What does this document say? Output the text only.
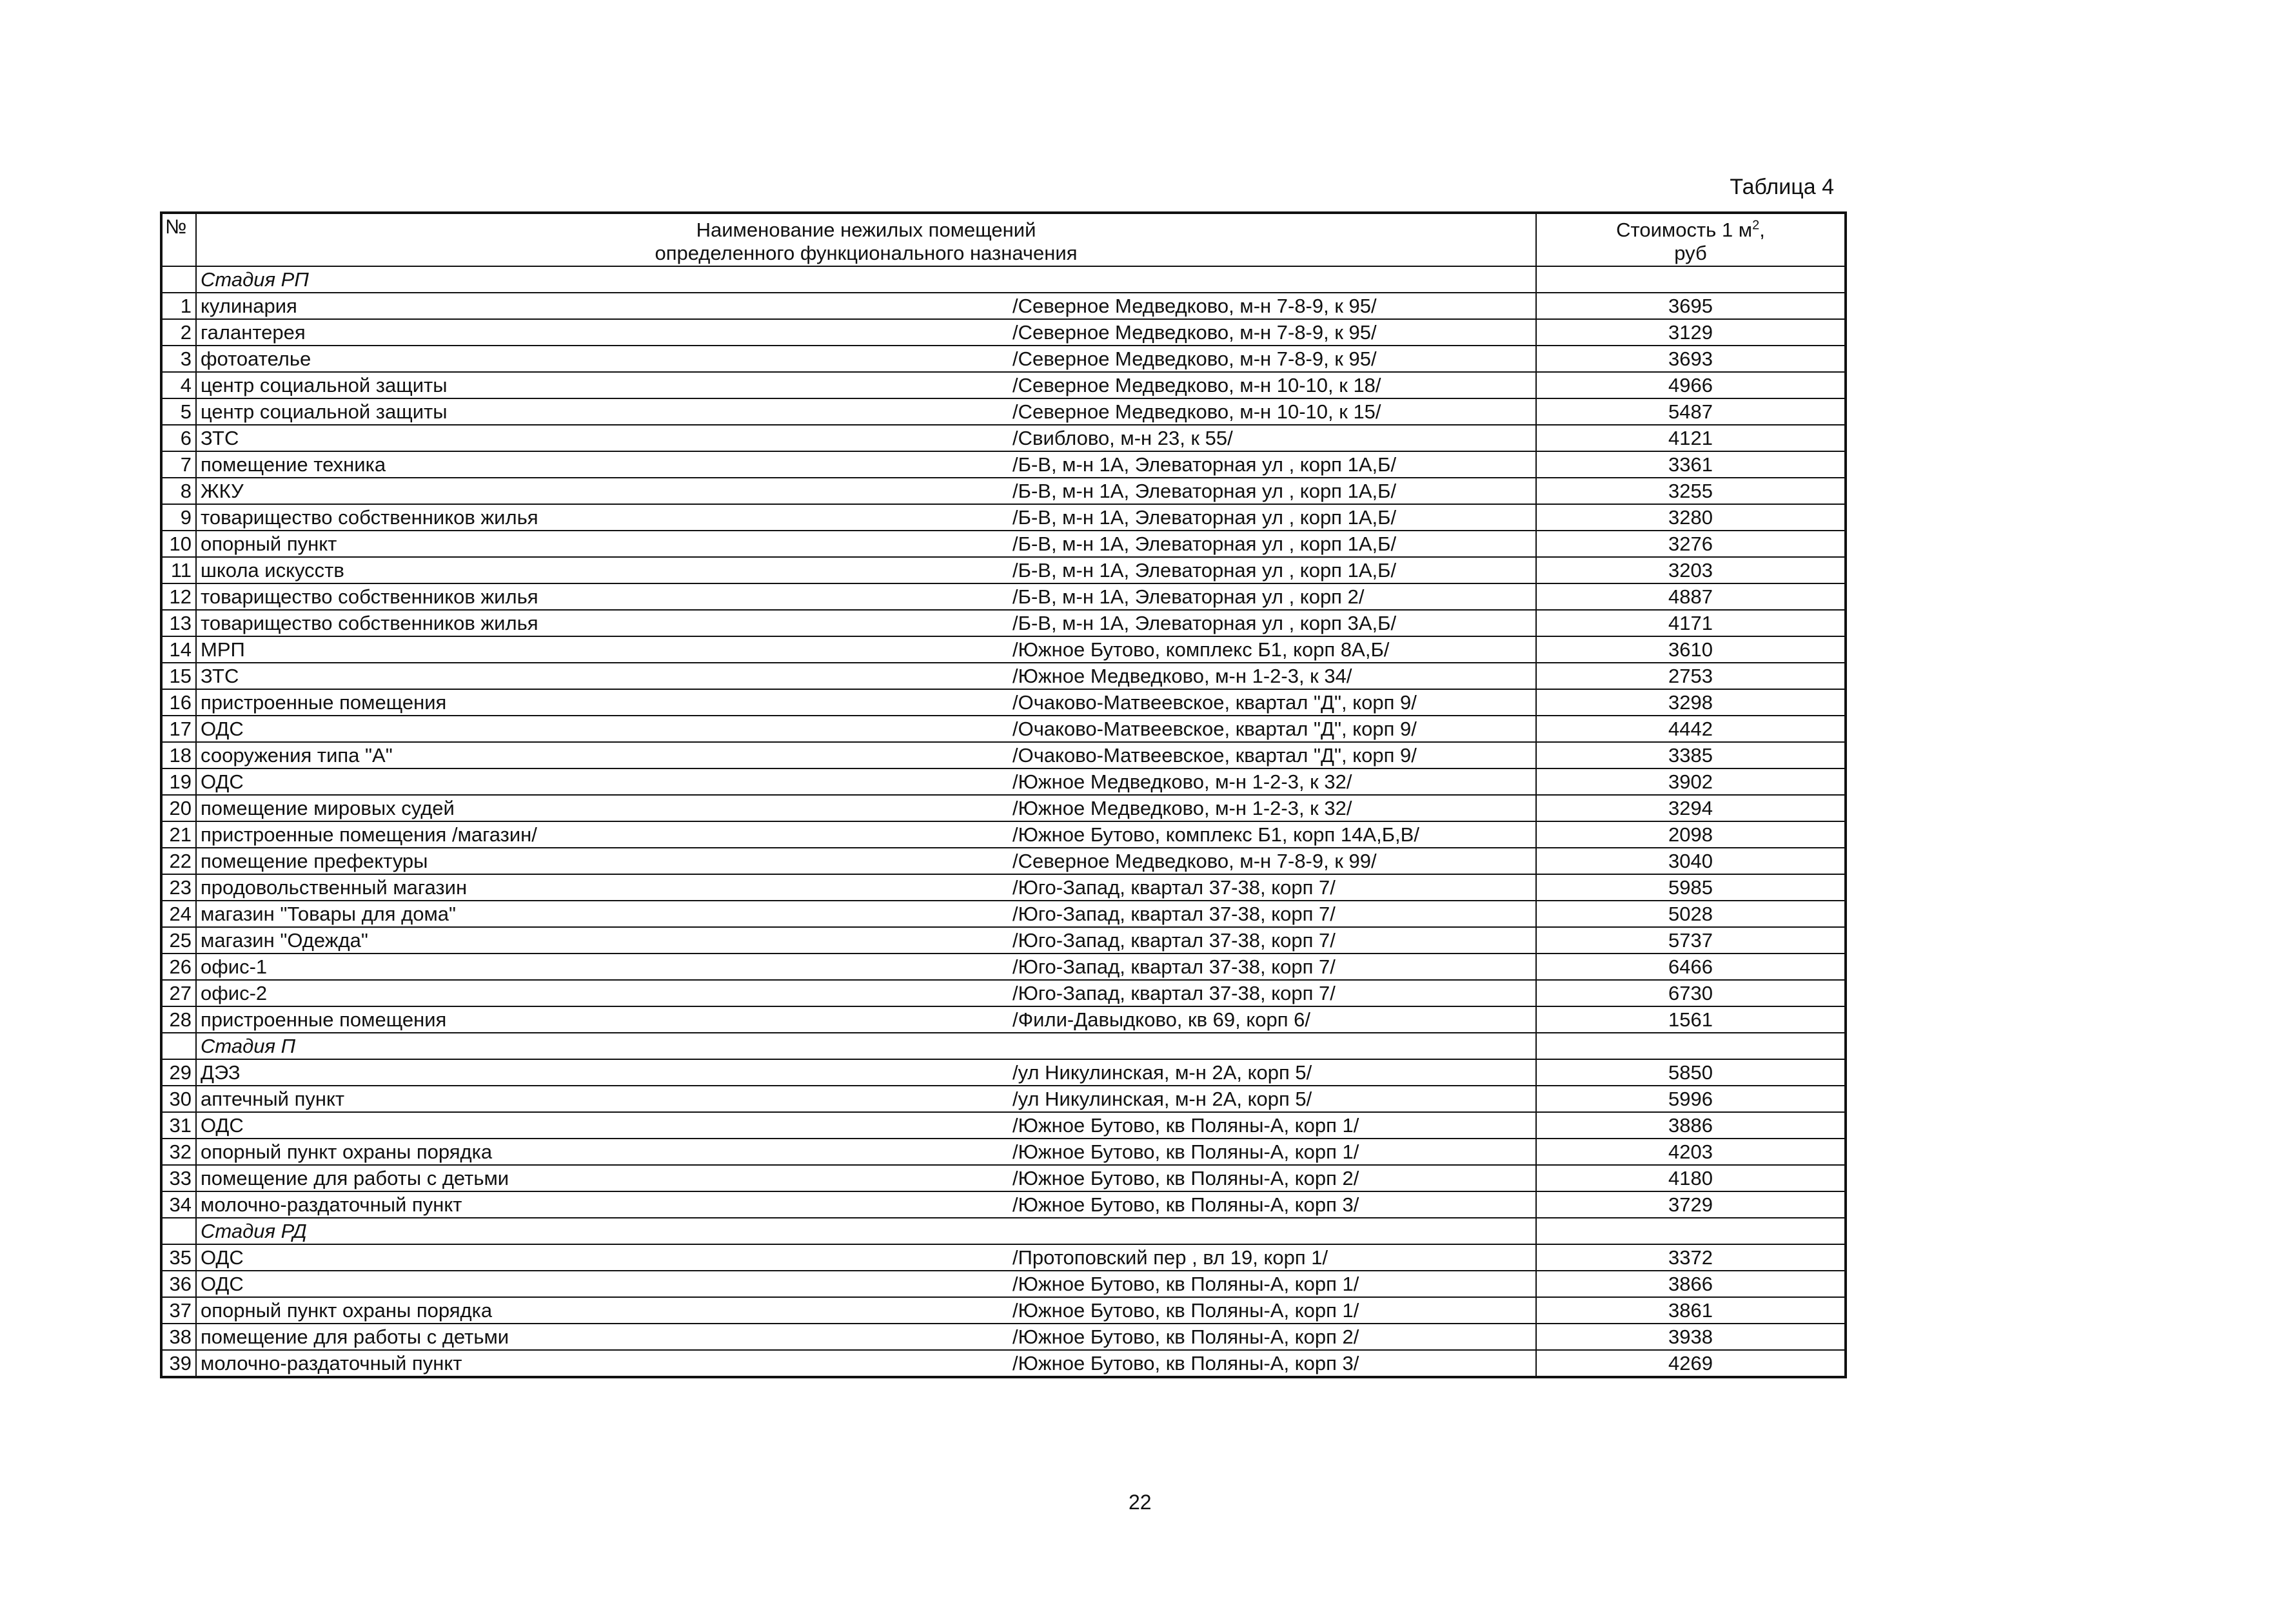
Таблица 4
№	Наименование нежилых помещений		Стоимость 1 $м^2$,
	определенного функционального назначения		руб
	Стадия РП		
1	кулинария	/Северное Медведково, м-н 7-8-9, к 95/	3695
2	галантерея	/Северное Медведково, м-н 7-8-9, к 95/	3129
3	фотоателье	/Северное Медведково, м-н 7-8-9, к 95/	3693
4	центр социальной защиты	/Северное Медведково, м-н 10-10, к 18/	4966
5	центр социальной защиты	/Северное Медведково, м-н 10-10, к 15/	5487
6	ЗТС	/Свиблово, м-н 23, к 55/	4121
7	помещение техника	/Б-В, м-н 1А, Элеваторная ул , корп 1А,Б/	3361
8	ЖКУ	/Б-В, м-н 1А, Элеваторная ул , корп 1А,Б/	3255
9	товарищество собственников жилья	/Б-В, м-н 1А, Элеваторная ул , корп 1А,Б/	3280
10	опорный пункт	/Б-В, м-н 1А, Элеваторная ул , корп 1А,Б/	3276
11	школа искусств	/Б-В, м-н 1А, Элеваторная ул , корп 1А,Б/	3203
12	товарищество собственников жилья	/Б-В, м-н 1А, Элеваторная ул , корп 2/	4887
13	товарищество собственников жилья	/Б-В, м-н 1А, Элеваторная ул , корп 3А,Б/	4171
14	МРП	/Южное Бутово, комплекс Б1, корп 8А,Б/	3610
15	ЗТС	/Южное Медведково, м-н 1-2-3, к 34/	2753
16	пристроенные помещения	/Очаково-Матвеевское, квартал "Д", корп 9/	3298
17	ОДС	/Очаково-Матвеевское, квартал "Д", корп 9/	4442
18	сооружения типа "А"	/Очаково-Матвеевское, квартал "Д", корп 9/	3385
19	ОДС	/Южное Медведково, м-н 1-2-3, к 32/	3902
20	помещение мировых судей	/Южное Медведково, м-н 1-2-3, к 32/	3294
21	пристроенные помещения /магазин/	/Южное Бутово, комплекс Б1, корп 14А,Б,В/	2098
22	помещение префектуры	/Северное Медведково, м-н 7-8-9, к 99/	3040
23	продовольственный магазин	/Юго-Запад, квартал 37-38, корп 7/	5985
24	магазин "Товары для дома"	/Юго-Запад, квартал 37-38, корп 7/	5028
25	магазин "Одежда"	/Юго-Запад, квартал 37-38, корп 7/	5737
26	офис-1	/Юго-Запад, квартал 37-38, корп 7/	6466
27	офис-2	/Юго-Запад, квартал 37-38, корп 7/	6730
28	пристроенные помещения	/Фили-Давыдково, кв 69, корп 6/	1561
	Стадия П		
29	ДЭЗ	/ул Никулинская, м-н 2А, корп 5/	5850
30	аптечный пункт	/ул Никулинская, м-н 2А, корп 5/	5996
31	ОДС	/Южное Бутово, кв Поляны-А, корп 1/	3886
32	опорный пункт охраны порядка	/Южное Бутово, кв Поляны-А, корп 1/	4203
33	помещение для работы с детьми	/Южное Бутово, кв Поляны-А, корп 2/	4180
34	молочно-раздаточный пункт	/Южное Бутово, кв Поляны-А, корп 3/	3729
	Стадия РД		
35	ОДС	/Протоповский пер , вл 19, корп 1/	3372
36	ОДС	/Южное Бутово, кв Поляны-А, корп 1/	3866
37	опорный пункт охраны порядка	/Южное Бутово, кв Поляны-А, корп 1/	3861
38	помещение для работы с детьми	/Южное Бутово, кв Поляны-А, корп 2/	3938
39	молочно-раздаточный пункт	/Южное Бутово, кв Поляны-А, корп 3/	4269
22
